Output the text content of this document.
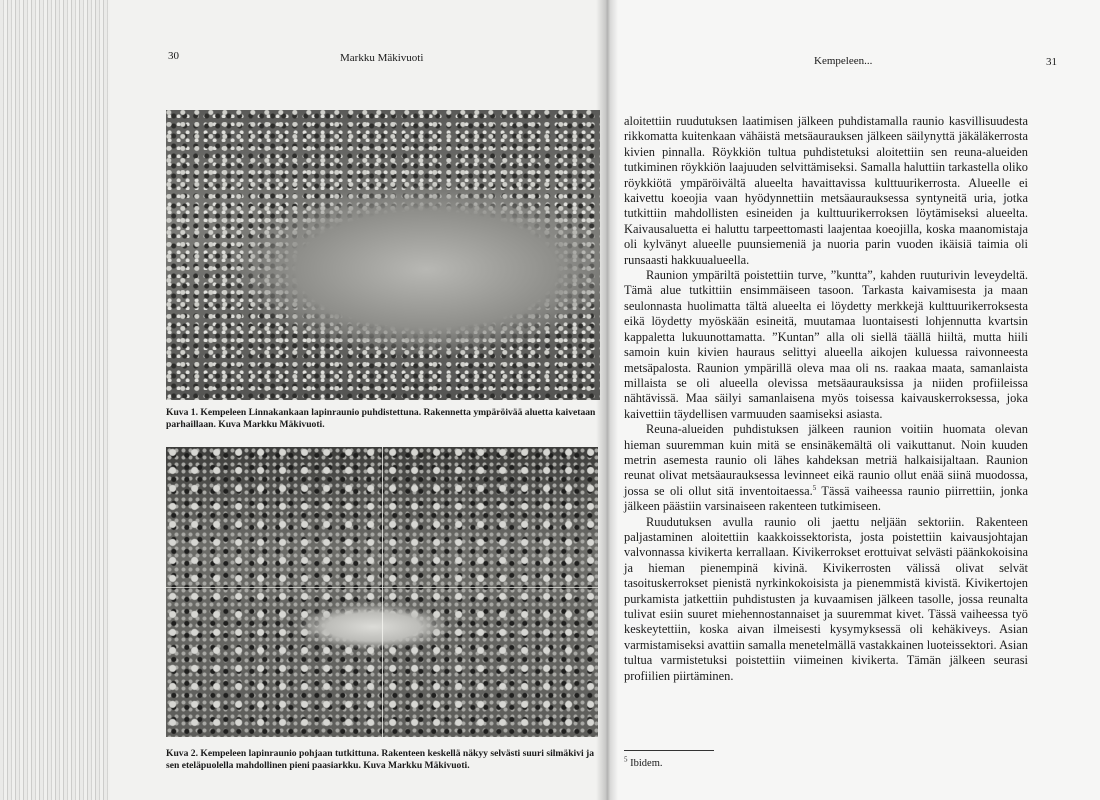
30	Markku Mäkivuoti	Kempeleen...	31
Kuva 1. Kempeleen Linnakankaan lapinraunio puhdistettuna. Rakennetta ympäröivää aluetta kaivetaan parhaillaan. Kuva Markku Mäkivuoti.
Kuva 2. Kempeleen lapinraunio pohjaan tutkittuna. Rakenteen keskellä näkyy selvästi suuri silmäkivi ja sen eteläpuolella mahdollinen pieni paasiarkku. Kuva Markku Mäkivuoti.

aloitettiin ruudutuksen laatimisen jälkeen puhdistamalla raunio kasvillisuudesta rikkomatta kuitenkaan vähäistä metsäaurauksen jälkeen säilynyttä jäkäläkerrosta kivien pinnalla. Röykkiön tultua puhdistetuksi aloitettiin sen reuna-alueiden tutkiminen röykkiön laajuuden selvittämiseksi. Samalla haluttiin tarkastella oliko röykkiötä ympäröivältä alueelta havaittavissa kulttuurikerrosta. Alueelle ei kaivettu koeojia vaan hyödynnettiin metsäaurauksessa syntyneitä uria, jotka tutkittiin mahdollisten esineiden ja kulttuurikerroksen löytämiseksi alueelta. Kaivausaluetta ei haluttu tarpeettomasti laajentaa koeojilla, koska maanomistaja oli kylvänyt alueelle puunsiemeniä ja nuoria parin vuoden ikäisiä taimia oli runsaasti hakkuualueella.

Raunion ympäriltä poistettiin turve, ”kuntta”, kahden ruuturivin leveydeltä. Tämä alue tutkittiin ensimmäiseen tasoon. Tarkasta kaivamisesta ja maan seulonnasta huolimatta tältä alueelta ei löydetty merkkejä kulttuurikerroksesta eikä löydetty myöskään esineitä, muutamaa luontaisesti lohjennutta kvartsin kappaletta lukuunottamatta. ”Kuntan” alla oli siellä täällä hiiltä, mutta hiili samoin kuin kivien hauraus selittyi alueella aikojen kuluessa raivonneesta metsäpalosta. Raunion ympärillä oleva maa oli ns. raakaa maata, samanlaista millaista se oli alueella olevissa metsäaurauksissa ja niiden profiileissa nähtävissä. Maa säilyi samanlaisena myös toisessa kaivauskerroksessa, joka kaivettiin täydellisen varmuuden saamiseksi asiasta.

Reuna-alueiden puhdistuksen jälkeen raunion voitiin huomata olevan hieman suuremman kuin mitä se ensinäkemältä oli vaikuttanut. Noin kuuden metrin asemesta raunio oli lähes kahdeksan metriä halkaisijaltaan. Raunion reunat olivat metsäaurauksessa levinneet eikä raunio ollut enää siinä muodossa, jossa se oli ollut sitä inventoitaessa.$^5$ Tässä vaiheessa raunio piirrettiin, jonka jälkeen päästiin varsinaiseen rakenteen tutkimiseen.

Ruudutuksen avulla raunio oli jaettu neljään sektoriin. Rakenteen paljastaminen aloitettiin kaakkoissektorista, josta poistettiin kaivausjohtajan valvonnassa kivikerta kerrallaan. Kivikerrokset erottuivat selvästi päänkokoisina ja hieman pienempinä kivinä. Kivikerrosten välissä olivat selvät tasoituskerrokset pienistä nyrkinkokoisista ja pienemmistä kivistä. Kivikertojen purkamista jatkettiin puhdistusten ja kuvaamisen jälkeen tasolle, jossa reunalta tulivat esiin suuret miehennostannaiset ja suuremmat kivet. Tässä vaiheessa työ keskeytettiin, koska aivan ilmeisesti kysymyksessä oli kehäkiveys. Asian varmistamiseksi avattiin samalla menetelmällä vastakkainen luoteissektori. Asian tultua varmistetuksi poistettiin viimeinen kivikerta. Tämän jälkeen seurasi profiilien piirtäminen.

$^5$ Ibidem.
